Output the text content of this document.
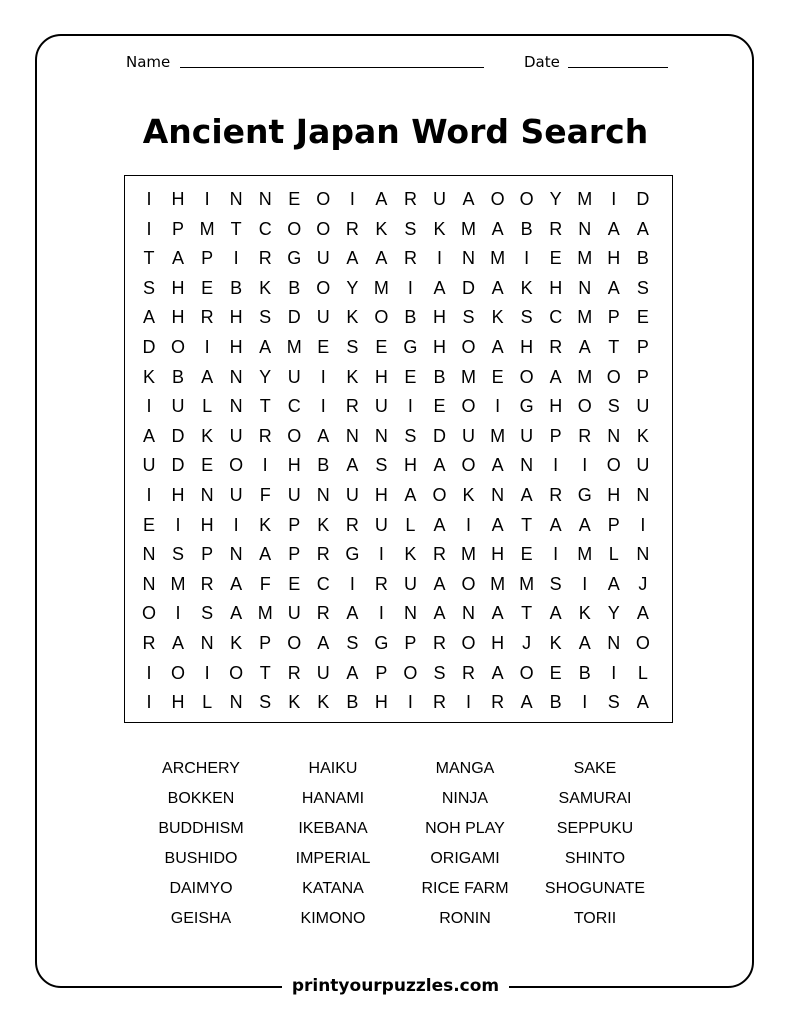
Name	Date
Ancient Japan Word Search
I	H	I	N N E O	I	A R U A O O Y M	I	D
I	P M T C O O R K S K M A B R N A A
T A P	I	R G U A A R	I	N M	I	E M H B
S H E B K B O Y M	I	A D A K H N A S
A H R H S D U K O B H S K S C M P E
D O	I	H A M E S E G H O A H R A T P
K B A N Y U	I	K H E B M E O A M O P
I	U L N T C	I	R U	I	E O	I	G H O S U
A D K U R O A N N S D U M U P R N K
U D E O	I	H B A S H A O A N	I	I	O U
I	H N U F U N U H A O K N A R G H N
E	I	H	I	K P K R U L	A	I	A T A A P	I
N S P N A P R G	I	K R M H E	I	M L N
N M R A F E C	I	R U A O M M S	I	A	J
O	I	S A M U R A	I	N A N A T A K Y A
R A N K P O A S G P R O H	J	K A N O
I	O	I	O T R U A P O S R A O E B	I	L
I	H L N S K K B H	I	R	I	R A B	I	S A
ARCHERY
BOKKEN
BUDDHISM
BUSHIDO
DAIMYO
GEISHA
HAIKU
HANAMI
IKEBANA
IMPERIAL
KATANA
KIMONO
MANGA
NINJA
NOH PLAY
ORIGAMI
RICE FARM
RONIN
SAKE
SAMURAI
SEPPUKU
SHINTO
SHOGUNATE
TORII
printyourpuzzles.com
